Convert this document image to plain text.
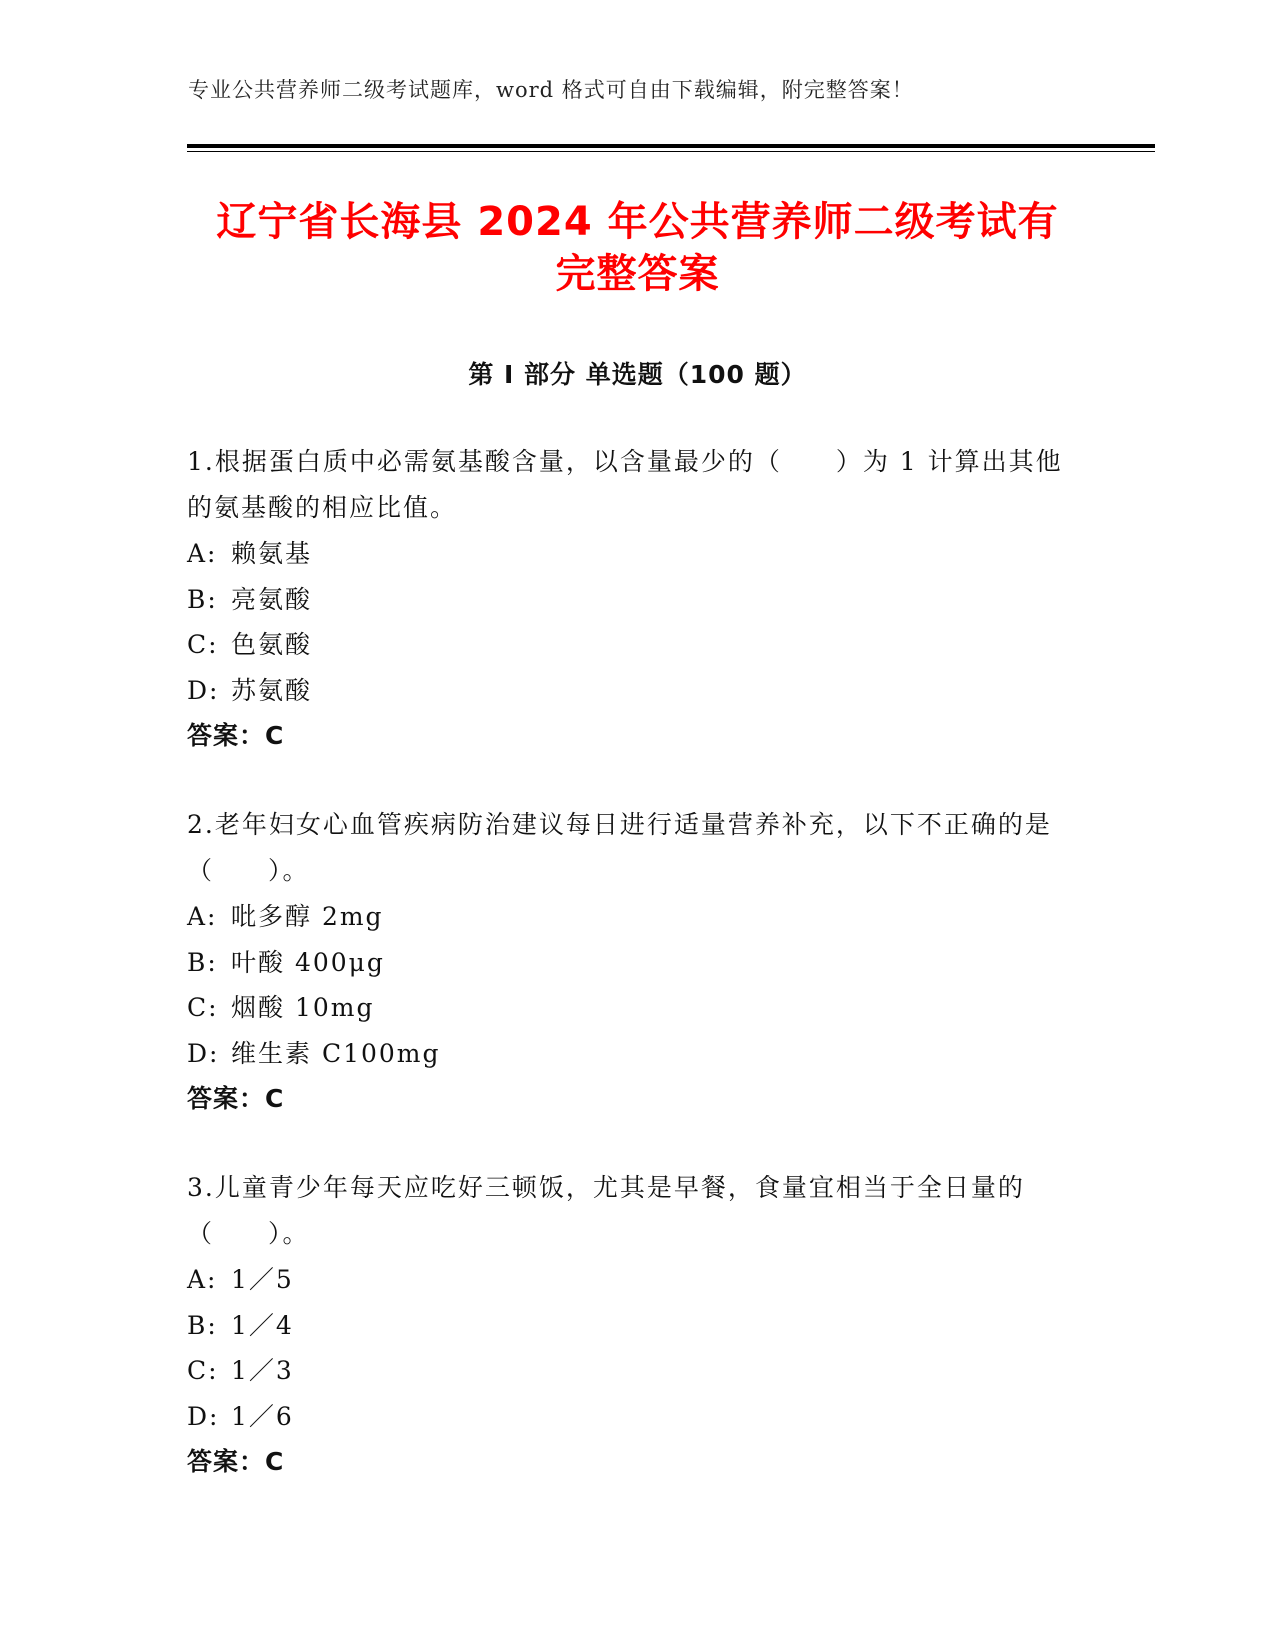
专业公共营养师二级考试题库，word 格式可自由下载编辑，附完整答案！
辽宁省长海县 2024 年公共营养师二级考试有
完整答案
第 I 部分 单选题（100 题）
1.根据蛋白质中必需氨基酸含量，以含量最少的（　　）为 1 计算出其他的氨基酸的相应比值。
A: 赖氨基
B: 亮氨酸
C: 色氨酸
D: 苏氨酸
答案：C
2.老年妇女心血管疾病防治建议每日进行适量营养补充，以下不正确的是（　　）。
A: 吡多醇 2mg
B: 叶酸 400μg
C: 烟酸 10mg
D: 维生素 C100mg
答案：C
3.儿童青少年每天应吃好三顿饭，尤其是早餐，食量宜相当于全日量的（　　）。
A: 1／5
B: 1／4
C: 1／3
D: 1／6
答案：C
